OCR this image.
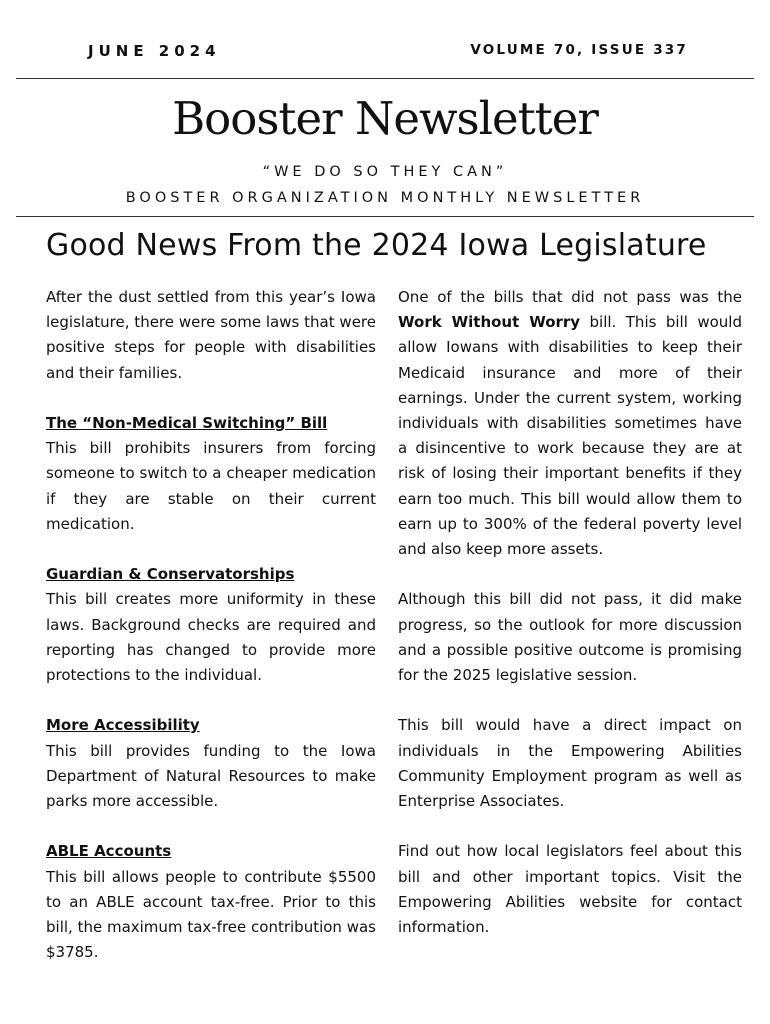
JUNE 2024	VOLUME 70, ISSUE 337
Booster Newsletter
“WE DO SO THEY CAN”
BOOSTER ORGANIZATION MONTHLY NEWSLETTER
Good News From the 2024 Iowa Legislature

After the dust settled from this year’s Iowa legislature, there were some laws that were positive steps for people with disabilities and their families.

The “Non-Medical Switching” Bill

This bill prohibits insurers from forcing someone to switch to a cheaper medication if they are stable on their current medication.

Guardian & Conservatorships

This bill creates more uniformity in these laws. Background checks are required and reporting has changed to provide more protections to the individual.

More Accessibility

This bill provides funding to the Iowa Department of Natural Resources to make parks more accessible.

ABLE Accounts

This bill allows people to contribute $5500 to an ABLE account tax-free. Prior to this bill, the maximum tax-free contribution was $3785.

One of the bills that did not pass was the Work Without Worry bill. This bill would allow Iowans with disabilities to keep their Medicaid insurance and more of their earnings. Under the current system, working individuals with disabilities sometimes have a disincentive to work because they are at risk of losing their important benefits if they earn too much. This bill would allow them to earn up to 300% of the federal poverty level and also keep more assets.

Although this bill did not pass, it did make progress, so the outlook for more discussion and a possible positive outcome is promising for the 2025 legislative session.

This bill would have a direct impact on individuals in the Empowering Abilities Community Employment program as well as Enterprise Associates.

Find out how local legislators feel about this bill and other important topics. Visit the Empowering Abilities website for contact information.
